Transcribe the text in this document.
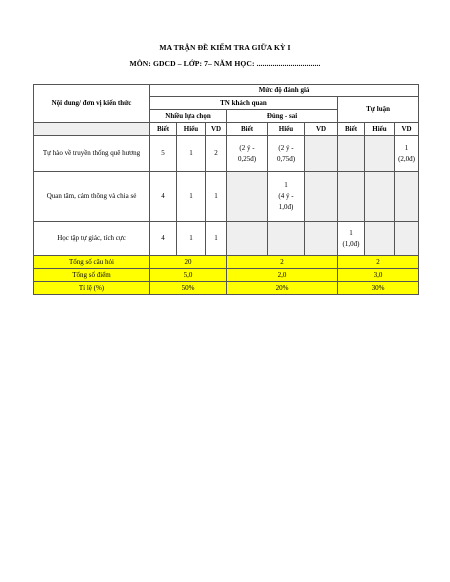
MA TRẬN ĐỀ KIỂM TRA GIỮA KỲ I
MÔN: GDCD – LỚP: 7– NĂM HỌC: ................................
Nội dung/ đơn vị kiến thức	Mức độ đánh giá								
	TN khách quan						Tự luận		
	Nhiều lựa chọn			Đúng - sai					
	Biết	Hiểu	VD	Biết	Hiểu	VD	Biết	Hiểu	VD
Tự hào về truyền thống quê hương	5	1	2	(2 ý -
0,25đ)	(2 ý -
0,75đ)				1
(2,0đ)
Quan tâm, cảm thông và chia sẻ	4	1	1		1
(4 ý -
1,0đ)				
Học tập tự giác, tích cực	4	1	1				1
(1,0đ)		
Tổng số câu hỏi	20			2			2		
Tổng số điểm	5,0			2,0			3,0		
Tỉ lệ (%)	50%			20%			30%		
